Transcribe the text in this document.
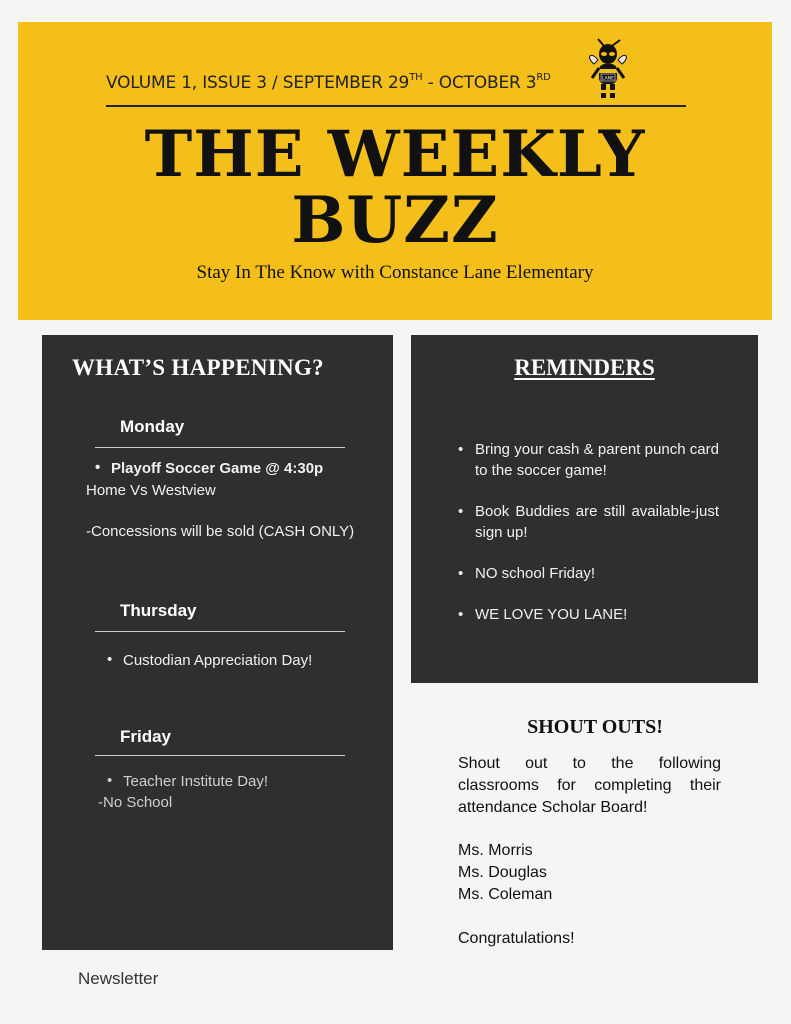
VOLUME 1, ISSUE 3 / SEPTEMBER 29TH - OCTOBER 3RD	LANE
THE WEEKLY
BUZZ
Stay In The Know with Constance Lane Elementary
WHAT’S HAPPENING?
Monday
• Playoff Soccer Game @ 4:30p
Home Vs Westview
-Concessions will be sold (CASH ONLY)
Thursday
• Custodian Appreciation Day!
Friday
• Teacher Institute Day!
-No School
REMINDERS
• Bring your cash & parent punch card to the soccer game!
• Book Buddies are still available-just sign up!
• NO school Friday!
• WE LOVE YOU LANE!
SHOUT OUTS!
Shout out to the following classrooms for completing their attendance Scholar Board!
Ms. Morris
Ms. Douglas
Ms. Coleman
Congratulations!
Newsletter
